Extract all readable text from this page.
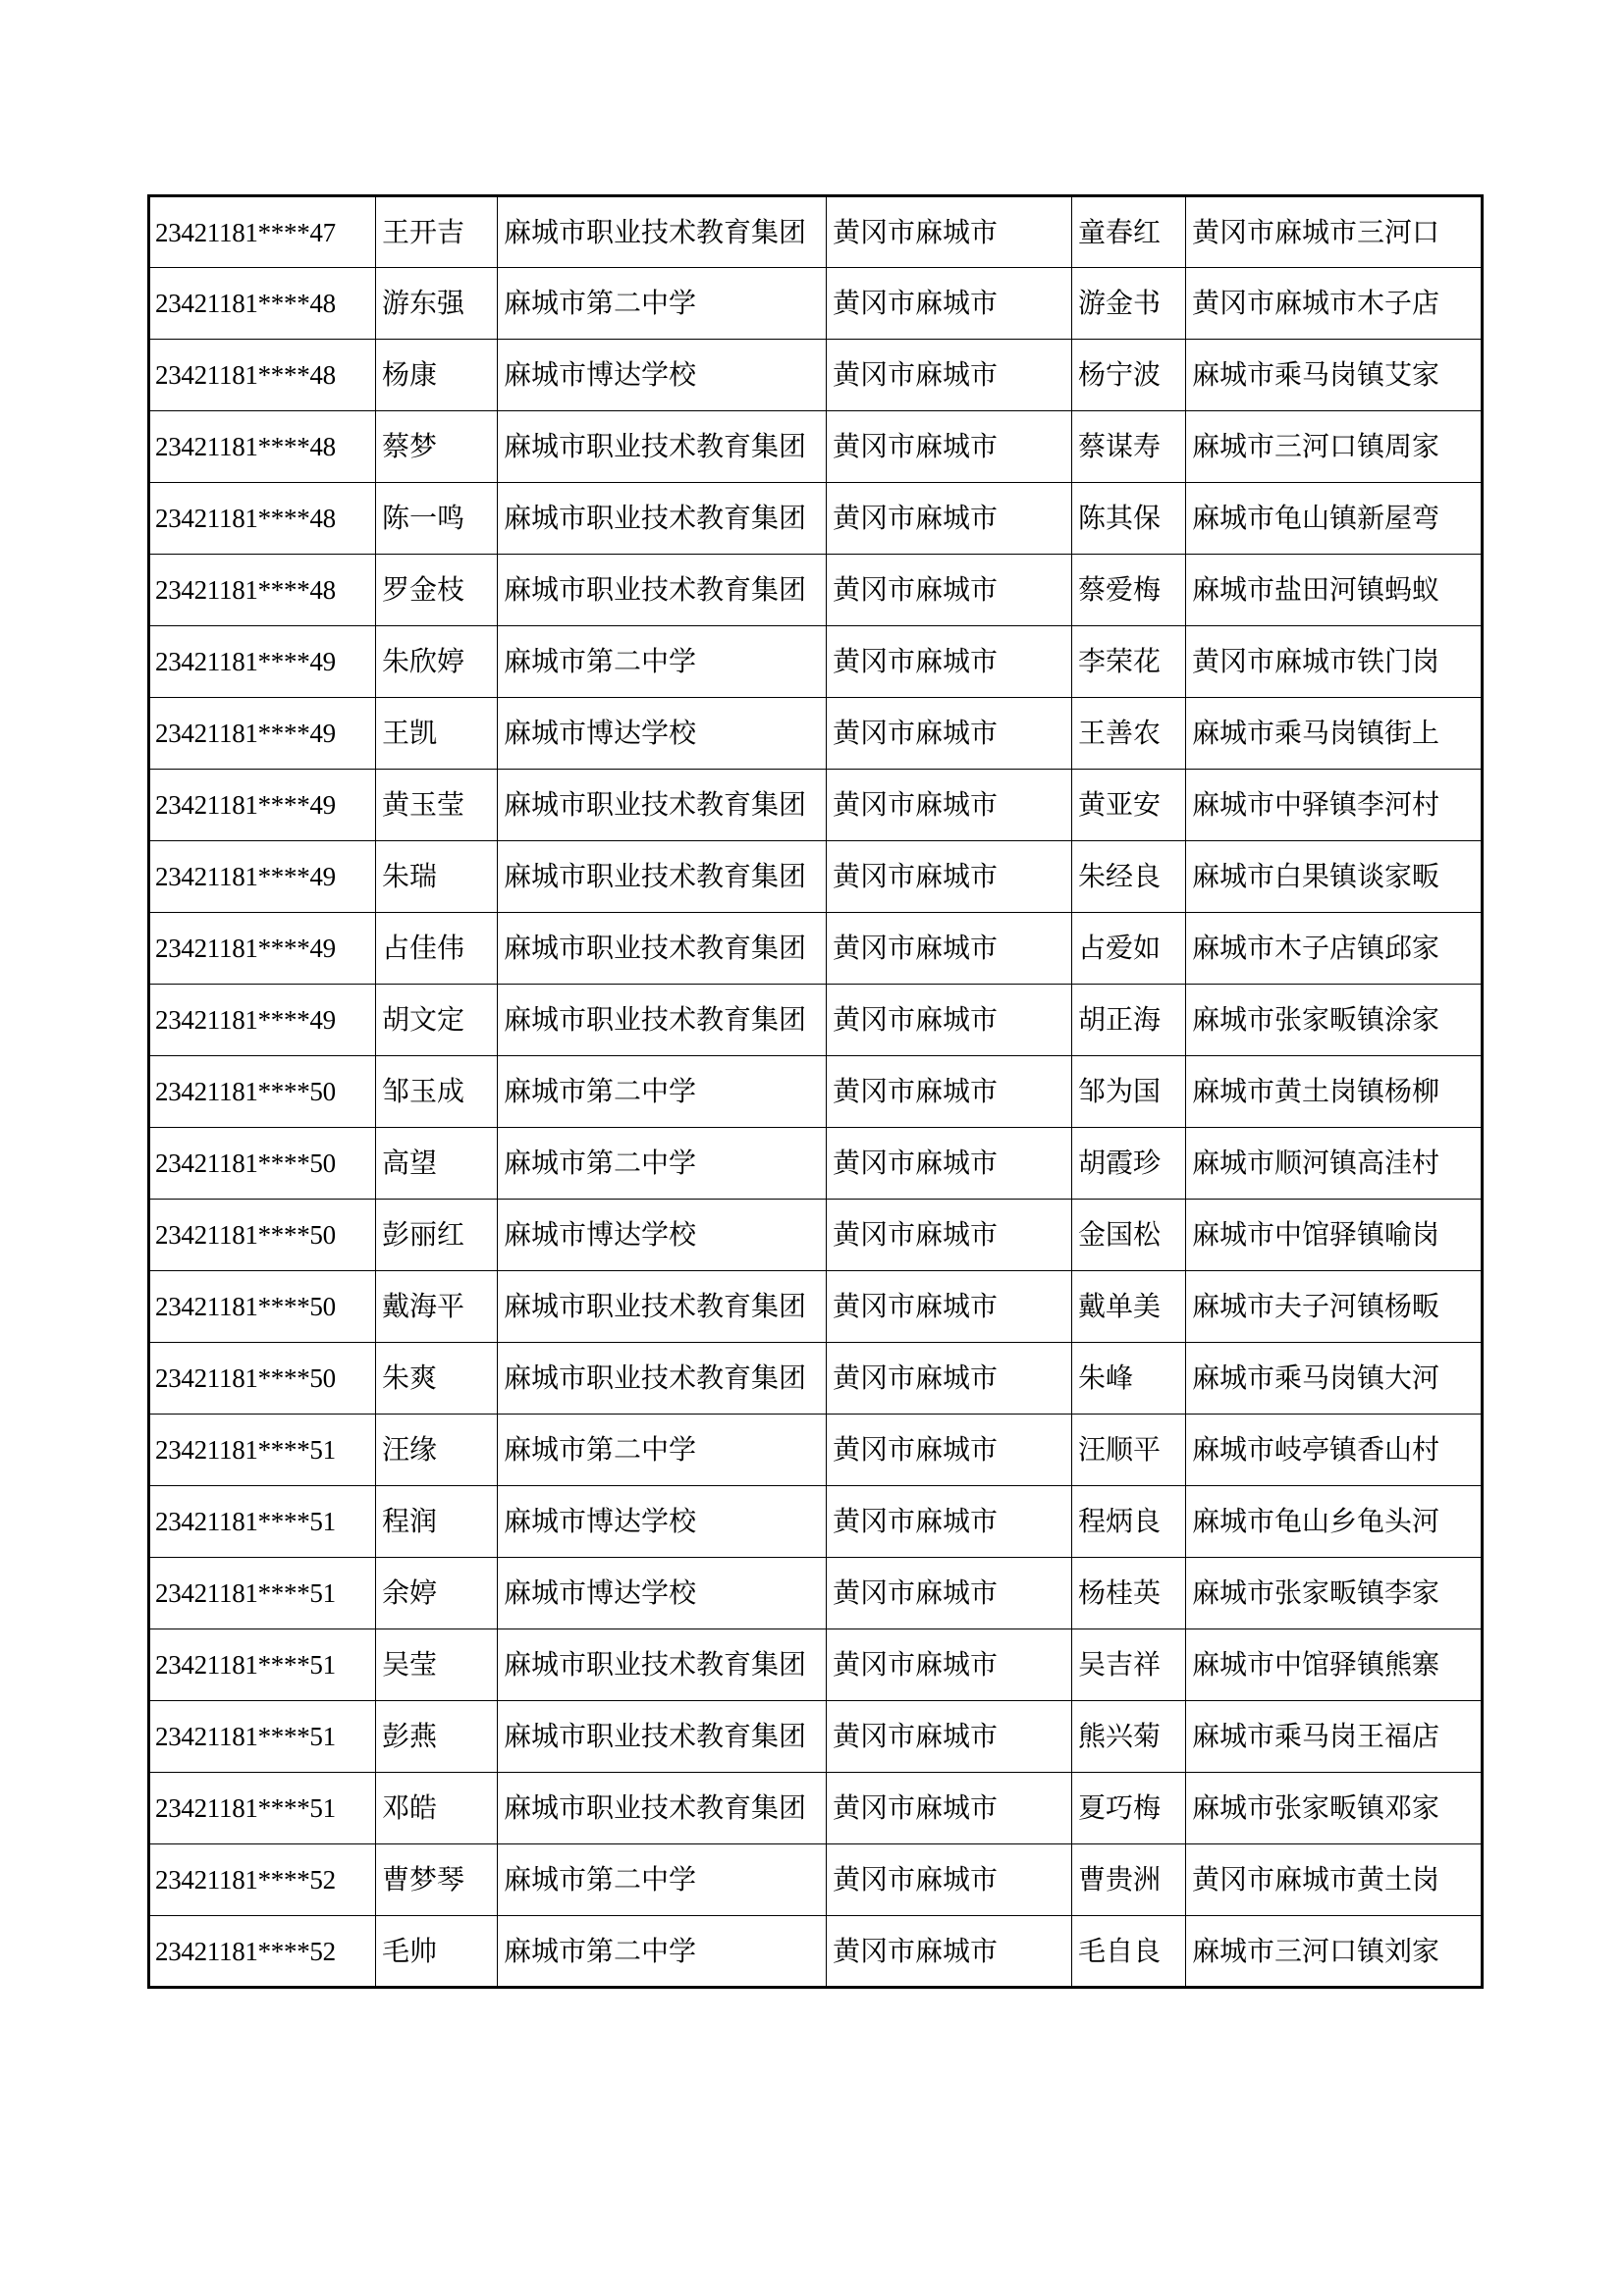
23421181****47	王开吉	麻城市职业技术教育集团	黄冈市麻城市	童春红	黄冈市麻城市三河口
23421181****48	游东强	麻城市第二中学	黄冈市麻城市	游金书	黄冈市麻城市木子店
23421181****48	杨康	麻城市博达学校	黄冈市麻城市	杨宁波	麻城市乘马岗镇艾家
23421181****48	蔡梦	麻城市职业技术教育集团	黄冈市麻城市	蔡谋寿	麻城市三河口镇周家
23421181****48	陈一鸣	麻城市职业技术教育集团	黄冈市麻城市	陈其保	麻城市龟山镇新屋弯
23421181****48	罗金枝	麻城市职业技术教育集团	黄冈市麻城市	蔡爱梅	麻城市盐田河镇蚂蚁
23421181****49	朱欣婷	麻城市第二中学	黄冈市麻城市	李荣花	黄冈市麻城市铁门岗
23421181****49	王凯	麻城市博达学校	黄冈市麻城市	王善农	麻城市乘马岗镇街上
23421181****49	黄玉莹	麻城市职业技术教育集团	黄冈市麻城市	黄亚安	麻城市中驿镇李河村
23421181****49	朱瑞	麻城市职业技术教育集团	黄冈市麻城市	朱经良	麻城市白果镇谈家畈
23421181****49	占佳伟	麻城市职业技术教育集团	黄冈市麻城市	占爱如	麻城市木子店镇邱家
23421181****49	胡文定	麻城市职业技术教育集团	黄冈市麻城市	胡正海	麻城市张家畈镇涂家
23421181****50	邹玉成	麻城市第二中学	黄冈市麻城市	邹为国	麻城市黄土岗镇杨柳
23421181****50	高望	麻城市第二中学	黄冈市麻城市	胡霞珍	麻城市顺河镇高洼村
23421181****50	彭丽红	麻城市博达学校	黄冈市麻城市	金国松	麻城市中馆驿镇喻岗
23421181****50	戴海平	麻城市职业技术教育集团	黄冈市麻城市	戴单美	麻城市夫子河镇杨畈
23421181****50	朱爽	麻城市职业技术教育集团	黄冈市麻城市	朱峰	麻城市乘马岗镇大河
23421181****51	汪缘	麻城市第二中学	黄冈市麻城市	汪顺平	麻城市岐亭镇香山村
23421181****51	程润	麻城市博达学校	黄冈市麻城市	程炳良	麻城市龟山乡龟头河
23421181****51	余婷	麻城市博达学校	黄冈市麻城市	杨桂英	麻城市张家畈镇李家
23421181****51	吴莹	麻城市职业技术教育集团	黄冈市麻城市	吴吉祥	麻城市中馆驿镇熊寨
23421181****51	彭燕	麻城市职业技术教育集团	黄冈市麻城市	熊兴菊	麻城市乘马岗王福店
23421181****51	邓皓	麻城市职业技术教育集团	黄冈市麻城市	夏巧梅	麻城市张家畈镇邓家
23421181****52	曹梦琴	麻城市第二中学	黄冈市麻城市	曹贵洲	黄冈市麻城市黄土岗
23421181****52	毛帅	麻城市第二中学	黄冈市麻城市	毛自良	麻城市三河口镇刘家
